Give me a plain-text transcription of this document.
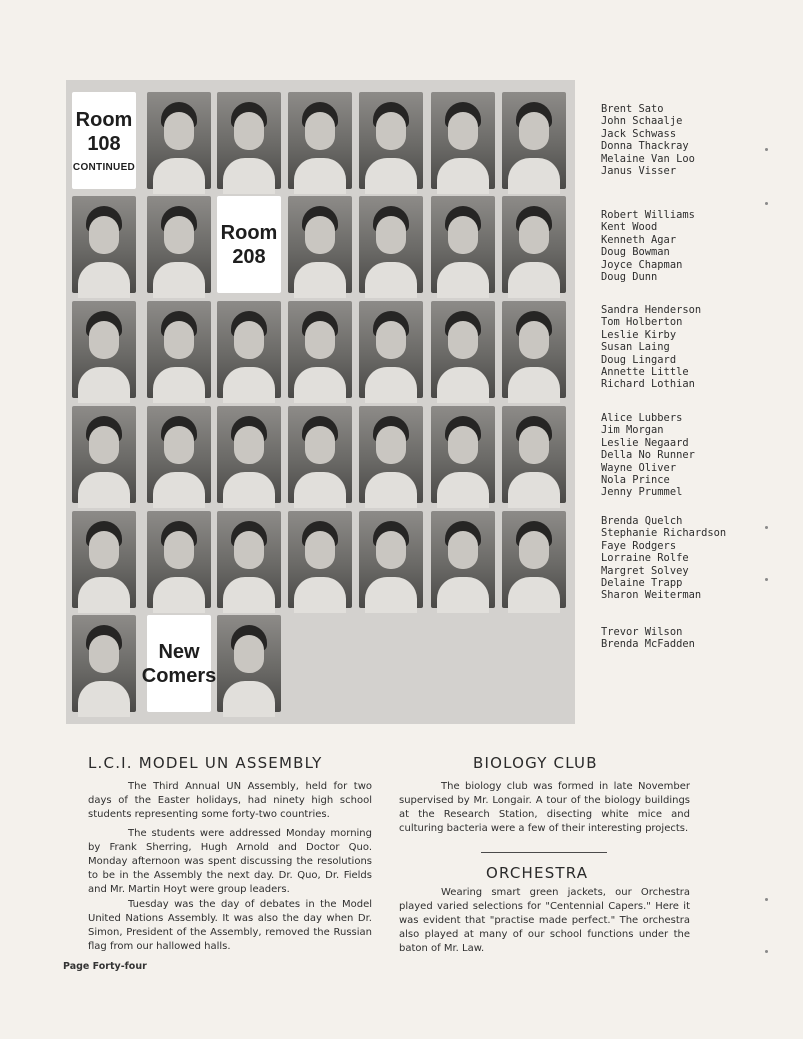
Room
108
CONTINUED
Room
208
New
Comers
Brent Sato
John Schaalje
Jack Schwass
Donna Thackray
Melaine Van Loo
Janus Visser
Robert Williams
Kent Wood
Kenneth Agar
Doug Bowman
Joyce Chapman
Doug Dunn
Sandra Henderson
Tom Holberton
Leslie Kirby
Susan Laing
Doug Lingard
Annette Little
Richard Lothian
Alice Lubbers
Jim Morgan
Leslie Negaard
Della No Runner
Wayne Oliver
Nola Prince
Jenny Prummel
Brenda Quelch
Stephanie Richardson
Faye Rodgers
Lorraine Rolfe
Margret Solvey
Delaine Trapp
Sharon Weiterman
Trevor Wilson
Brenda McFadden
L.C.I. MODEL UN ASSEMBLY
The Third Annual UN Assembly, held for two days of the Easter holidays, had ninety high school students representing some forty-two countries.
The students were addressed Monday morning by Frank Sherring, Hugh Arnold and Doctor Quo. Monday afternoon was spent discussing the resolutions to be in the Assembly the next day. Dr. Quo, Dr. Fields and Mr. Martin Hoyt were group leaders.
Tuesday was the day of debates in the Model United Nations Assembly. It was also the day when Dr. Simon, President of the Assembly, removed the Russian flag from our hallowed halls.
BIOLOGY CLUB
The biology club was formed in late November supervised by Mr. Longair. A tour of the biology buildings at the Research Station, disecting white mice and culturing bacteria were a few of their interesting projects.
ORCHESTRA
Wearing smart green jackets, our Orchestra played varied selections for "Centennial Capers." Here it was evident that "practise made perfect." The orchestra also played at many of our school functions under the baton of Mr. Law.
Page Forty-four
